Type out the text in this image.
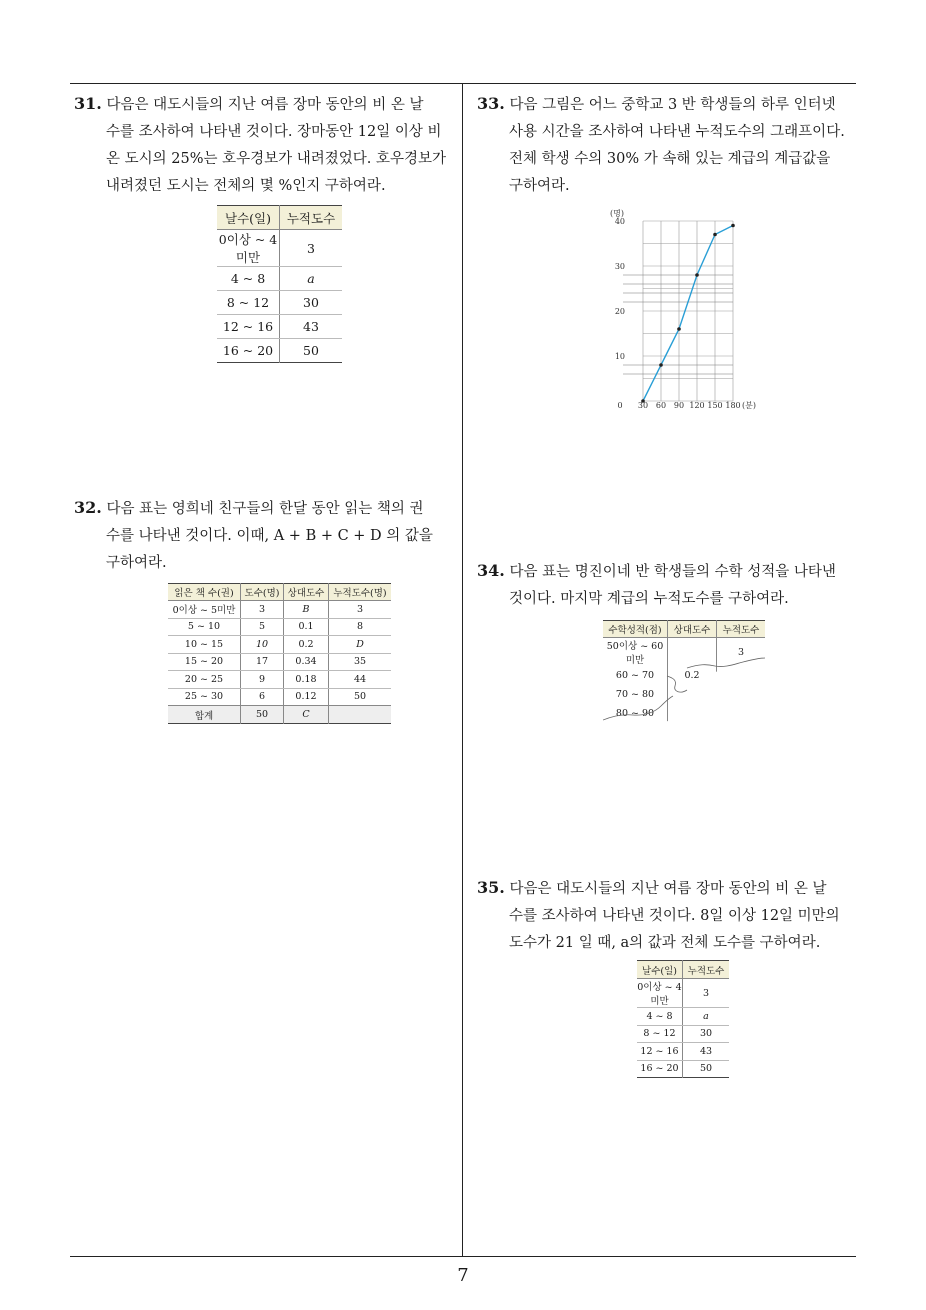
31. 다음은 대도시들의 지난 여름 장마 동안의 비 온 날
수를 조사하여 나타낸 것이다. 장마동안 12일 이상 비
온 도시의 25%는 호우경보가 내려졌었다. 호우경보가
내려졌던 도시는 전체의 몇 %인지 구하여라.
날수(일)	누적도수
0이상 ~ 4미만	3
4 ~ 8	a
8 ~ 12	30
12 ~ 16	43
16 ~ 20	50
32. 다음 표는 영희네 친구들의 한달 동안 읽는 책의 권
수를 나타낸 것이다. 이때, A + B + C + D 의 값을
구하여라.
읽은 책 수(권)	도수(명)	상대도수	누적도수(명)
0이상 ~ 5미만	3	B	3
5 ~ 10	5	0.1	8
10 ~ 15	10	0.2	D
15 ~ 20	17	0.34	35
20 ~ 25	9	0.18	44
25 ~ 30	6	0.12	50
합계	50	C	
33. 다음 그림은 어느 중학교 3 반 학생들의 하루 인터넷
사용 시간을 조사하여 나타낸 누적도수의 그래프이다.
전체 학생 수의 30% 가 속해 있는 계급의 계급값을
구하여라.
10
20
30
40
0 30 60 90 120 150 180
(명)
(분)
34. 다음 표는 명진이네 반 학생들의 수학 성적을 나타낸
것이다. 마지막 계급의 누적도수를 구하여라.
수학성적(점)	상대도수	누적도수
50이상 ~ 60미만		3
60 ~ 70	0.2	
70 ~ 80		
80 ~ 90		
35. 다음은 대도시들의 지난 여름 장마 동안의 비 온 날
수를 조사하여 나타낸 것이다. 8일 이상 12일 미만의
도수가 21 일 때, a의 값과 전체 도수를 구하여라.
날수(일)	누적도수
0이상 ~ 4미만	3
4 ~ 8	a
8 ~ 12	30
12 ~ 16	43
16 ~ 20	50
7
